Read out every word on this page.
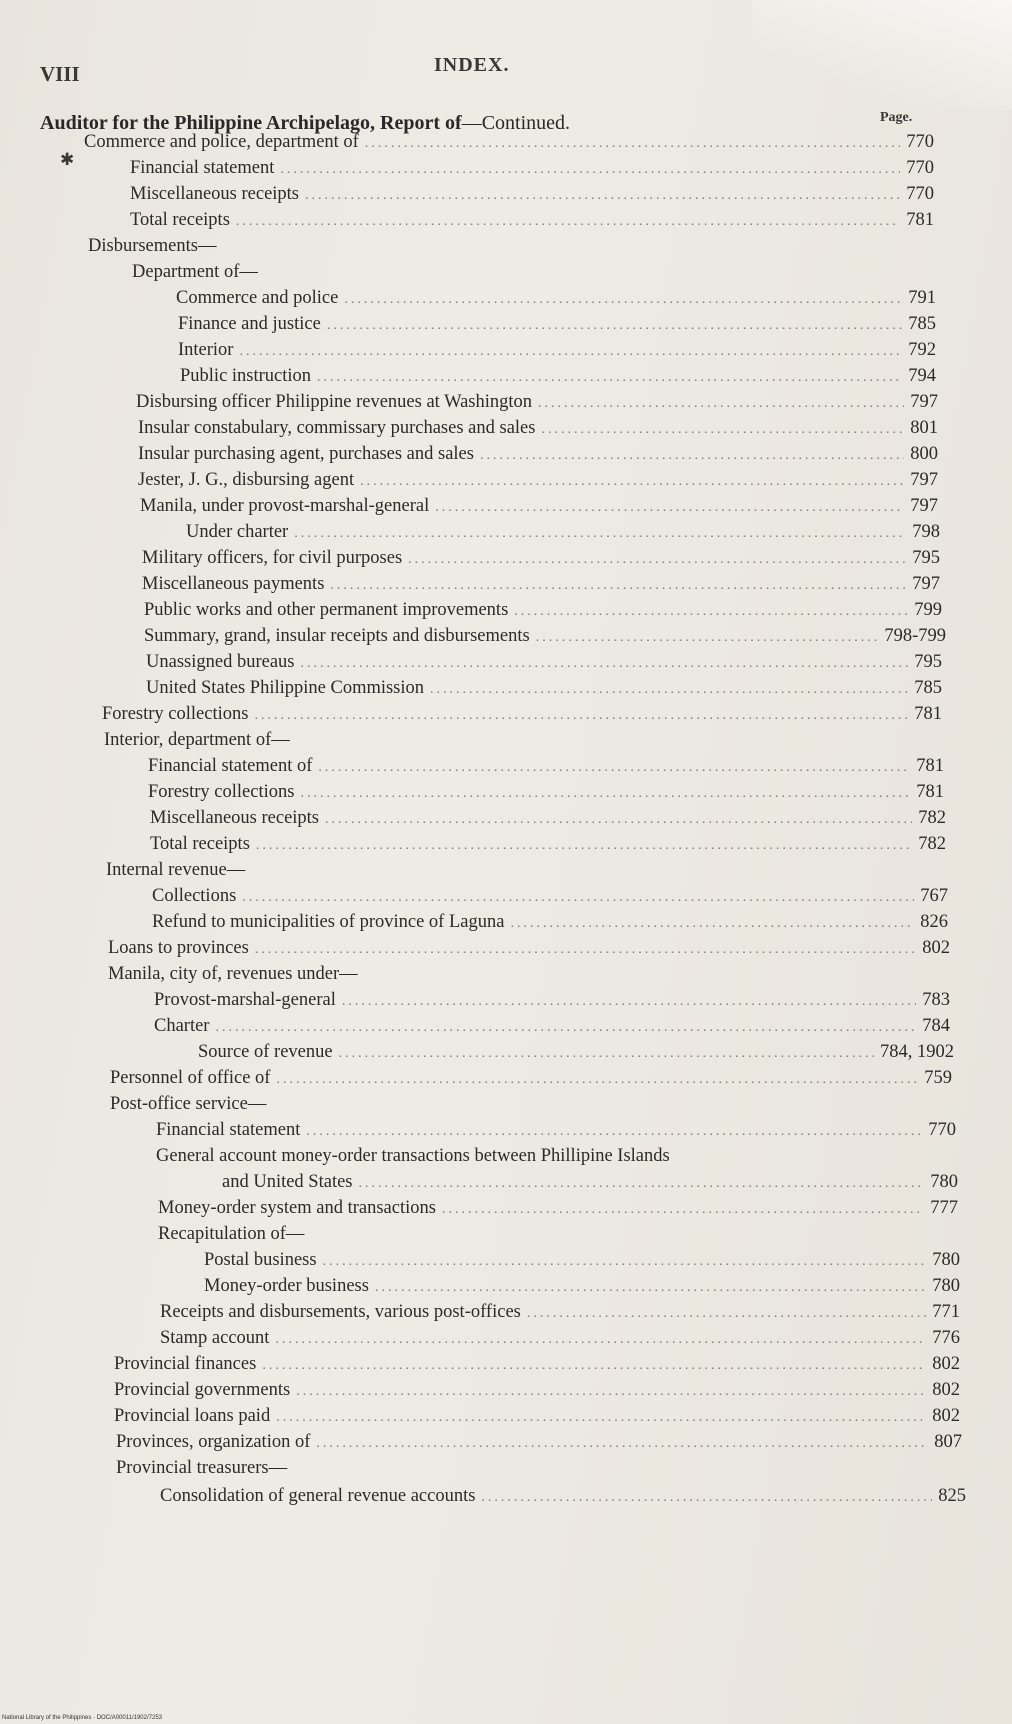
VIII	INDEX.
Auditor for the Philippine Archipelago, Report of—Continued.	Page.
✱
Commerce and police, department of .....	770
Financial statement .....	770
Miscellaneous receipts .....	770
Total receipts .....	781
Disbursements—
Department of—
Commerce and police .....	791
Finance and justice .....	785
Interior .....	792
Public instruction .....	794
Disbursing officer Philippine revenues at Washington .....	797
Insular constabulary, commissary purchases and sales .....	801
Insular purchasing agent, purchases and sales .....	800
Jester, J. G., disbursing agent .....	797
Manila, under provost-marshal-general .....	797
Under charter .....	798
Military officers, for civil purposes .....	795
Miscellaneous payments .....	797
Public works and other permanent improvements .....	799
Summary, grand, insular receipts and disbursements .....	798-799
Unassigned bureaus .....	795
United States Philippine Commission .....	785
Forestry collections .....	781
Interior, department of—
Financial statement of .....	781
Forestry collections .....	781
Miscellaneous receipts .....	782
Total receipts .....	782
Internal revenue—
Collections .....	767
Refund to municipalities of province of Laguna .....	826
Loans to provinces .....	802
Manila, city of, revenues under—
Provost-marshal-general .....	783
Charter .....	784
Source of revenue .....	784, 1902
Personnel of office of .....	759
Post-office service—
Financial statement .....	770
General account money-order transactions between Phillipine Islands
and United States .....	780
Money-order system and transactions .....	777
Recapitulation of—
Postal business .....	780
Money-order business .....	780
Receipts and disbursements, various post-offices .....	771
Stamp account .....	776
Provincial finances .....	802
Provincial governments .....	802
Provincial loans paid .....	802
Provinces, organization of .....	807
Provincial treasurers—
Consolidation of general revenue accounts .....	825
National Library of the Philippines · DOC/A00011/1902/7253
